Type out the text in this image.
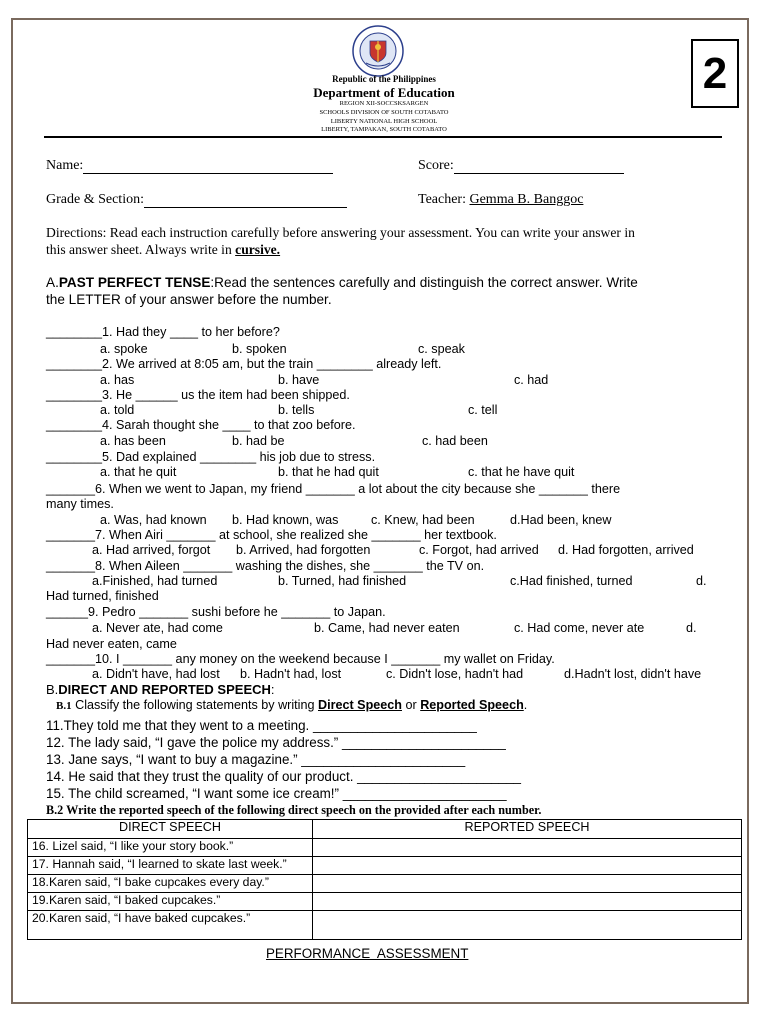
Republic of the Philippines
Department of Education
REGION XII-SOCCSKSARGEN
SCHOOLS DIVISION OF SOUTH COTABATO
LIBERTY NATIONAL HIGH SCHOOL
LIBERTY, TAMPAKAN, SOUTH COTABATO
2
Name:	Score:
Grade & Section:	Teacher: Gemma B. Banggoc
Directions: Read each instruction carefully before answering your assessment. You can write your answer in
this answer sheet. Always write in cursive.
A.PAST PERFECT TENSE:Read the sentences carefully and distinguish the correct answer. Write
the LETTER of your answer before the number.
________1. Had they ____ to her before?
a. spoke	b. spoken	c. speak
________2. We arrived at 8:05 am, but the train ________ already left.
a. has	b. have	c. had
________3. He ______ us the item had been shipped.
a. told	b. tells	c. tell
________4. Sarah thought she ____ to that zoo before.
a. has been	b. had be	c. had been
________5. Dad explained ________ his job due to stress.
a. that he quit	b. that he had quit	c. that he have quit
_______6. When we went to Japan, my friend _______ a lot about the city because she _______ there
many times.
a. Was, had known b. Had known, was	c. Knew, had been	d.Had been, knew
_______7. When Airi _______ at school, she realized she _______ her textbook.
a. Had arrived, forgot b. Arrived, had forgotten	c. Forgot, had arrived d. Had forgotten, arrived
_______8. When Aileen _______ washing the dishes, she _______ the TV on.
a.Finished, had turned	b. Turned, had finished	c.Had finished, turned	d.
Had turned, finished
______9. Pedro _______ sushi before he _______ to Japan.
a. Never ate, had come	b. Came, had never eaten	c. Had come, never ate	d.
Had never eaten, came
_______10. I _______ any money on the weekend because I _______ my wallet on Friday.
a. Didn't have, had lost b. Hadn't had, lost	c. Didn't lose, hadn't had	d.Hadn't lost, didn't have
B.DIRECT AND REPORTED SPEECH:
B.1 Classify the following statements by writing Direct Speech or Reported Speech.
11.They told me that they went to a meeting. ______________________
12. The lady said, “I gave the police my address.” ______________________
13. Jane says, “I want to buy a magazine.” ______________________
14. He said that they trust the quality of our product. ______________________
15. The child screamed, “I want some ice cream!” ______________________
B.2 Write the reported speech of the following direct speech on the provided after each number.
DIRECT SPEECH	REPORTED SPEECH
16. Lizel said, “I like your story book.”	
17. Hannah said, “I learned to skate last week.”	
18.Karen said, “I bake cupcakes every day.”	
19.Karen said, “I baked cupcakes.”	
20.Karen said, “I have baked cupcakes.”	
PERFORMANCE  ASSESSMENT
